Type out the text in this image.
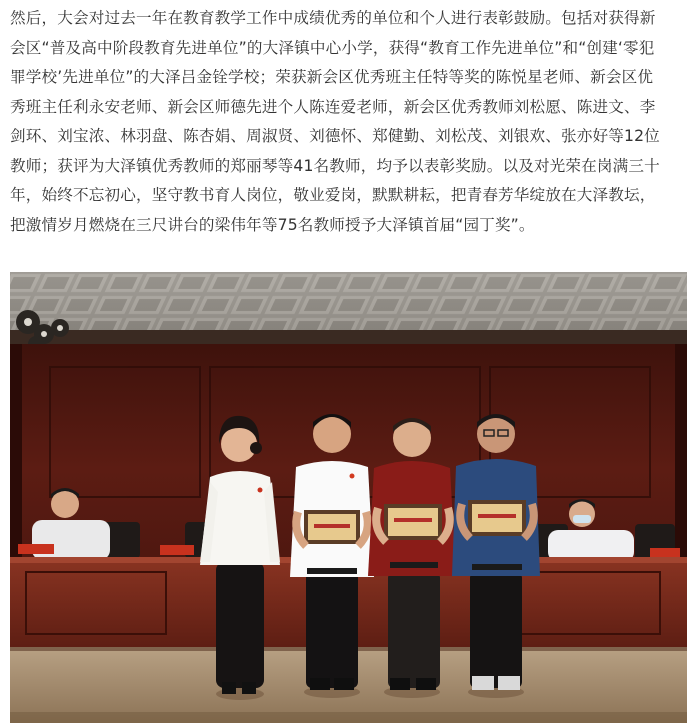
然后，大会对过去一年在教育教学工作中成绩优秀的单位和个人进行表彰鼓励。包括对获得新
会区“普及高中阶段教育先进单位”的大泽镇中心小学，获得“教育工作先进单位”和“创建‘零犯
罪学校’先进单位”的大泽吕金铨学校；荣获新会区优秀班主任特等奖的陈悦星老师、新会区优
秀班主任利永安老师、新会区师德先进个人陈连爱老师，新会区优秀教师刘松愿、陈进文、李
剑环、刘宝浓、林羽盘、陈杏娟、周淑贤、刘德怀、郑健勤、刘松茂、刘银欢、张亦好等12位
教师；获评为大泽镇优秀教师的郑丽琴等41名教师，均予以表彰奖励。以及对光荣在岗满三十
年，始终不忘初心，坚守教书育人岗位，敬业爱岗，默默耕耘，把青春芳华绽放在大泽教坛，
把激情岁月燃烧在三尺讲台的梁伟年等75名教师授予大泽镇首届“园丁奖”。
